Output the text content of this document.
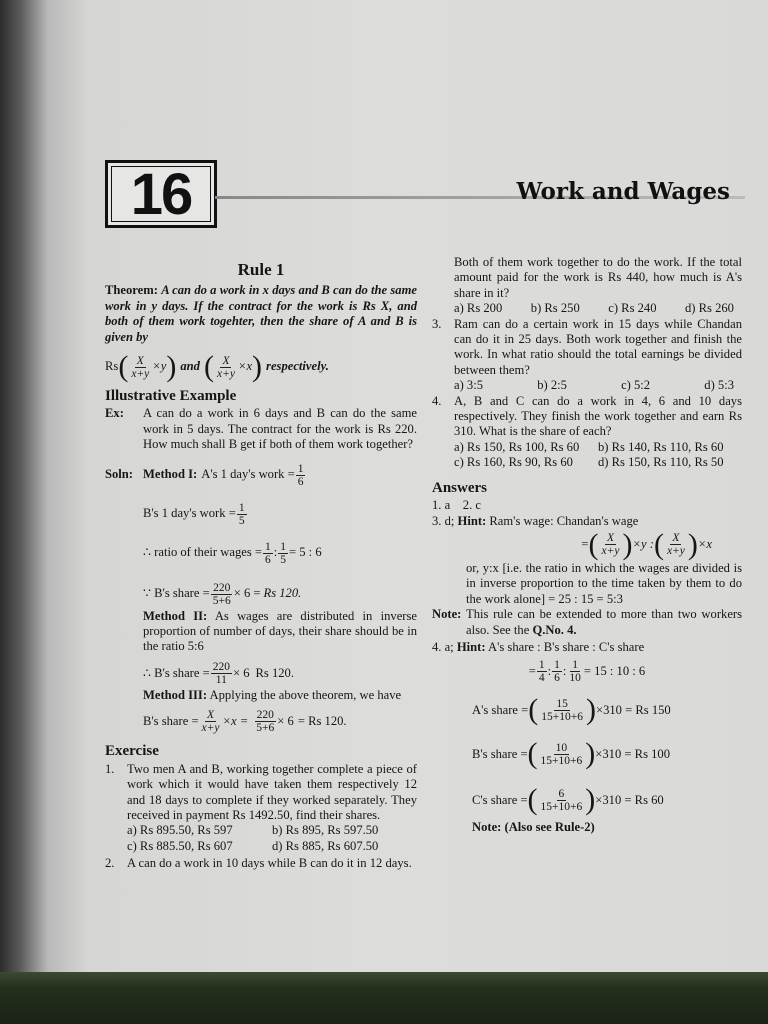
16	Work and Wages
Rule 1
Theorem: A can do a work in x days and B can do the same work in y days. If the contract for the work is Rs X, and both of them work togehter, then the share of A and B is given by
Rs ( $\frac{X}{x+y} \times y$ ) and ( $\frac{X}{x+y} \times x$ ) respectively.
Illustrative Example
Ex:	A can do a work in 6 days and B can do the same work in 5 days. The contract for the work is Rs 220. How much shall B get if both of them work together?
Soln: Method I: A's 1 day's work = $\frac{1}{6}$
B's 1 day's work = $\frac{1}{5}$
∴ ratio of their wages = $\frac{1}{6}$ : $\frac{1}{5} = 5$ : 6
∵ B's share = $\frac{220}{5+6} \times 6 = Rs$ 120.
Method II: As wages are distributed in inverse proportion of number of days, their share should be in the ratio 5:6
∴ B's share = $\frac{220}{11} \times 6$ Rs 120.
Method III: Applying the above theorem, we have
B's share = $\frac{X}{x+y} \times x = \frac{220}{5+6} \times 6 = Rs$ 120.
Exercise
1. Two men A and B, working together complete a piece of work which it would have taken them respectively 12 and 18 days to complete if they worked separately. They received in payment Rs 1492.50, find their shares.
a) Rs 895.50, Rs 597	b) Rs 895, Rs 597.50
c) Rs 885.50, Rs 607	d) Rs 885, Rs 607.50
2. A can do a work in 10 days while B can do it in 12 days.
Both of them work together to do the work. If the total amount paid for the work is Rs 440, how much is A's share in it?
a) Rs 200 b) Rs 250 c) Rs 240 d) Rs 260
3. Ram can do a certain work in 15 days while Chandan can do it in 25 days. Both work together and finish the work. In what ratio should the total earnings be divided between them?
a) 3:5	b) 2:5	c) 5:2	d) 5:3
4. A, B and C can do a work in 4, 6 and 10 days respectively. They finish the work together and earn Rs 310. What is the share of each?
a) Rs 150, Rs 100, Rs 60	b) Rs 140, Rs 110, Rs 60
c) Rs 160, Rs 90, Rs 60	d) Rs 150, Rs 110, Rs 50
Answers
1. a    2. c
3. d; Hint: Ram's wage: Chandan's wage
= ( $\frac{X}{x+y}$ ) ×y : ( $\frac{X}{x+y}$ ) ×x
or, y:x [i.e. the ratio in which the wages are divided is in inverse proportion to the time taken by them to do the work alone] = 25 : 15 = 5:3
Note: This rule can be extended to more than two workers also. See the Q.No. 4.
4. a; Hint: A's share : B's share : C's share
= $\frac{1}{4}$ : $\frac{1}{6}$ : $\frac{1}{10} = 15$ : 10 : 6
A's share = ( $\frac{15}{15+10+6}$ ) ×310 = Rs 150
B's share = ( $\frac{10}{15+10+6}$ ) ×310 = Rs 100
C's share = ( $\frac{6}{15+10+6}$ ) ×310 = Rs 60
Note: (Also see Rule-2)
